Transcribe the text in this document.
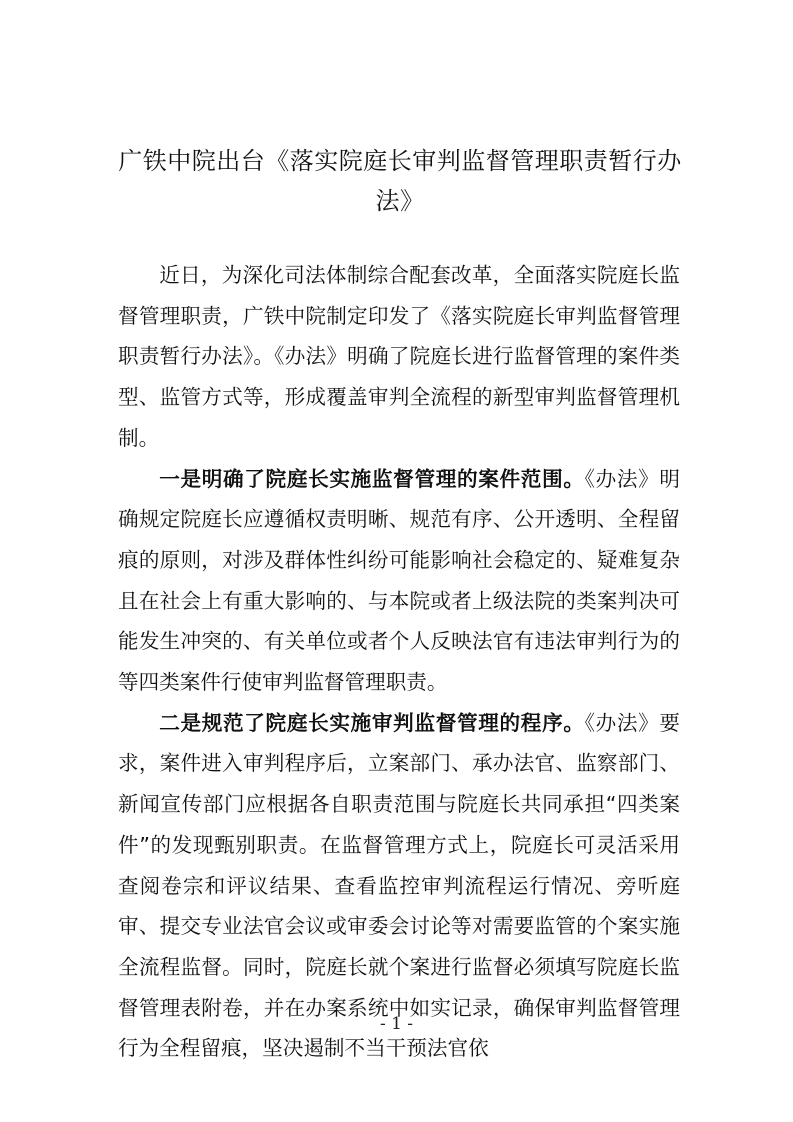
广铁中院出台《落实院庭长审判监督管理职责暂行办法》

近日，为深化司法体制综合配套改革，全面落实院庭长监督管理职责，广铁中院制定印发了《落实院庭长审判监督管理职责暂行办法》。《办法》明确了院庭长进行监督管理的案件类型、监管方式等，形成覆盖审判全流程的新型审判监督管理机制。

一是明确了院庭长实施监督管理的案件范围。《办法》明确规定院庭长应遵循权责明晰、规范有序、公开透明、全程留痕的原则，对涉及群体性纠纷可能影响社会稳定的、疑难复杂且在社会上有重大影响的、与本院或者上级法院的类案判决可能发生冲突的、有关单位或者个人反映法官有违法审判行为的等四类案件行使审判监督管理职责。

二是规范了院庭长实施审判监督管理的程序。《办法》要求，案件进入审判程序后，立案部门、承办法官、监察部门、新闻宣传部门应根据各自职责范围与院庭长共同承担“四类案件”的发现甄别职责。在监督管理方式上，院庭长可灵活采用查阅卷宗和评议结果、查看监控审判流程运行情况、旁听庭审、提交专业法官会议或审委会讨论等对需要监管的个案实施全流程监督。同时，院庭长就个案进行监督必须填写院庭长监督管理表附卷，并在办案系统中如实记录，确保审判监督管理行为全程留痕，坚决遏制不当干预法官依

- 1 -
